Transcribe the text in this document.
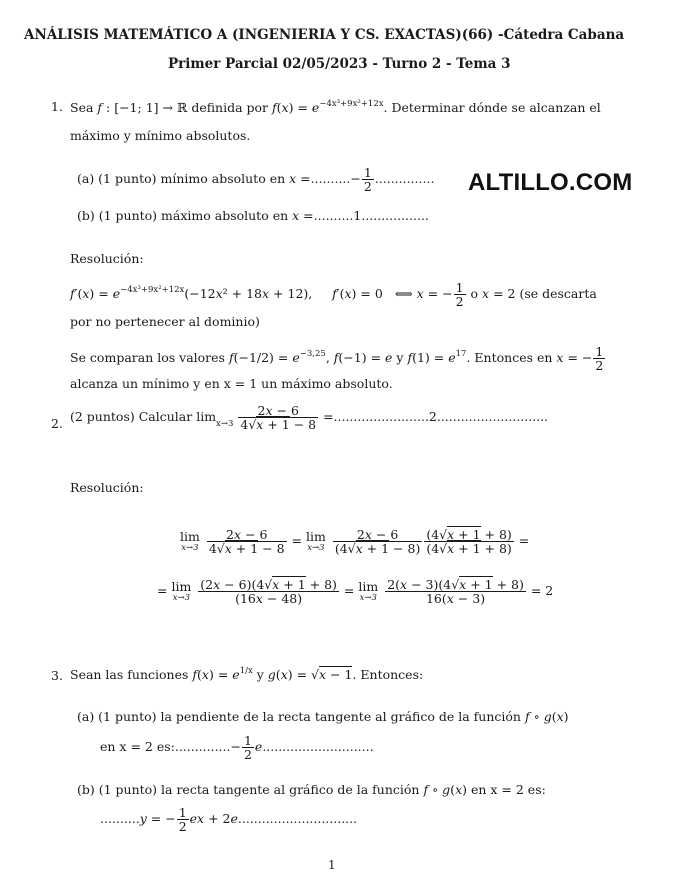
ANÁLISIS MATEMÁTICO A (INGENIERIA Y CS. EXACTAS)(66) -Cátedra Cabana
Primer Parcial 02/05/2023 - Turno 2 - Tema 3
1. Sea f : [−1; 1] → ℝ definida por $f(x) = e^{-4x^3+9x^2+12x}$. Determinar dónde se alcanzan el
máximo y mínimo absolutos.
(a) (1 punto) mínimo absoluto en x =..........− $\frac{1}{2}$ ............... ALTILLO.COM
(b) (1 punto) máximo absoluto en x =..........1.................
Resolución:
$f'(x) = e^{-4x^3+9x^2+12x}(-12x^2 + 18x + 12)$,     f′(x) = 0   ⟺ x = − $\frac{1}{2}$ o x = 2 (se descarta
por no pertenecer al dominio)
Se comparan los valores $f(-1/2) = e^{-3,25}$, f(−1) = e y $f(1) = e^{17}$. Entonces en x = − $\frac{1}{2}$
alcanza un mínimo y en x = 1 un máximo absoluto.
2. (2 puntos) Calcular $\lim_{x\to 3} \frac{2x - 6}{4√x + 1 - 8} =........................2$............................
Resolución:
lim
x→3
$\frac{2x - 6}{4√x + 1 - 8} = \lim$
x→3
$\frac{2x - 6}{(4√x + 1 - 8)} \frac{(4√x + 1 + 8)}{(4√x + 1 + 8)}$ =
= lim
x→3
$\frac{(2x - 6)(4√x + 1 + 8)}{(16x - 48)} = \lim$
x→3
$\frac{2(x - 3)(4√x + 1 + 8)}{16(x - 3)} = 2$
3. Sean las funciones $f(x) = e^{1/x}$ y g(x) = √x − 1. Entonces:
(a) (1 punto) la pendiente de la recta tangente al gráfico de la función f ∘ g(x)
en x = 2 es:..............− $\frac{1}{2} e$............................
(b) (1 punto) la recta tangente al gráfico de la función f ∘ g(x) en x = 2 es:
..........y = − $\frac{1}{2}$ ex + 2e..............................
1
